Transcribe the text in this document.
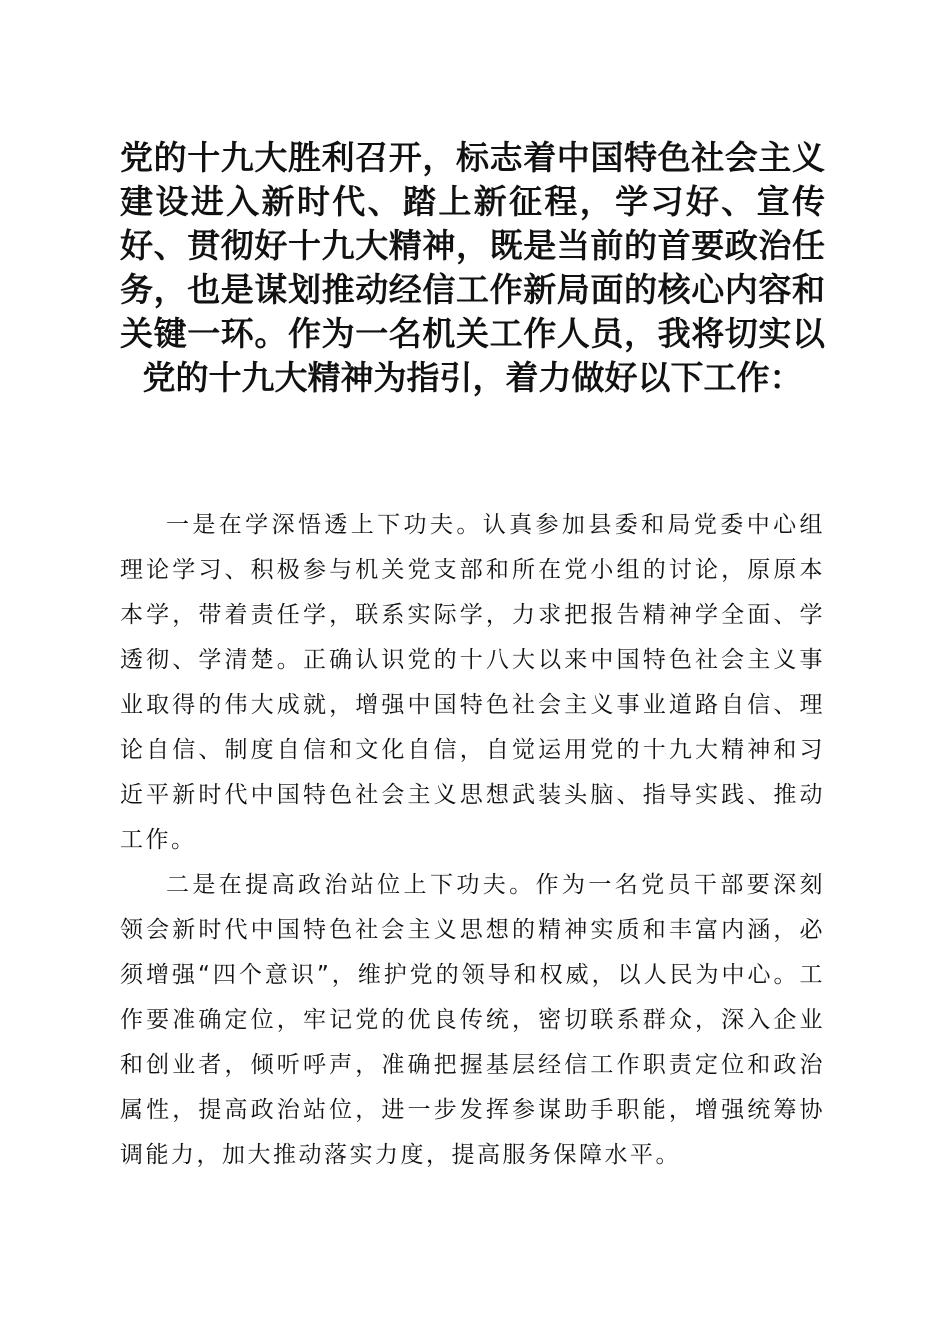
党的十九大胜利召开，标志着中国特色社会主义建设进入新时代、踏上新征程，学习好、宣传好、贯彻好十九大精神，既是当前的首要政治任务，也是谋划推动经信工作新局面的核心内容和关键一环。作为一名机关工作人员，我将切实以党的十九大精神为指引，着力做好以下工作：

一是在学深悟透上下功夫。认真参加县委和局党委中心组理论学习、积极参与机关党支部和所在党小组的讨论，原原本本学，带着责任学，联系实际学，力求把报告精神学全面、学透彻、学清楚。正确认识党的十八大以来中国特色社会主义事业取得的伟大成就，增强中国特色社会主义事业道路自信、理论自信、制度自信和文化自信，自觉运用党的十九大精神和习近平新时代中国特色社会主义思想武装头脑、指导实践、推动工作。

二是在提高政治站位上下功夫。作为一名党员干部要深刻领会新时代中国特色社会主义思想的精神实质和丰富内涵，必须增强“四个意识”，维护党的领导和权威，以人民为中心。工作要准确定位，牢记党的优良传统，密切联系群众，深入企业和创业者，倾听呼声，准确把握基层经信工作职责定位和政治属性，提高政治站位，进一步发挥参谋助手职能，增强统筹协调能力，加大推动落实力度，提高服务保障水平。
